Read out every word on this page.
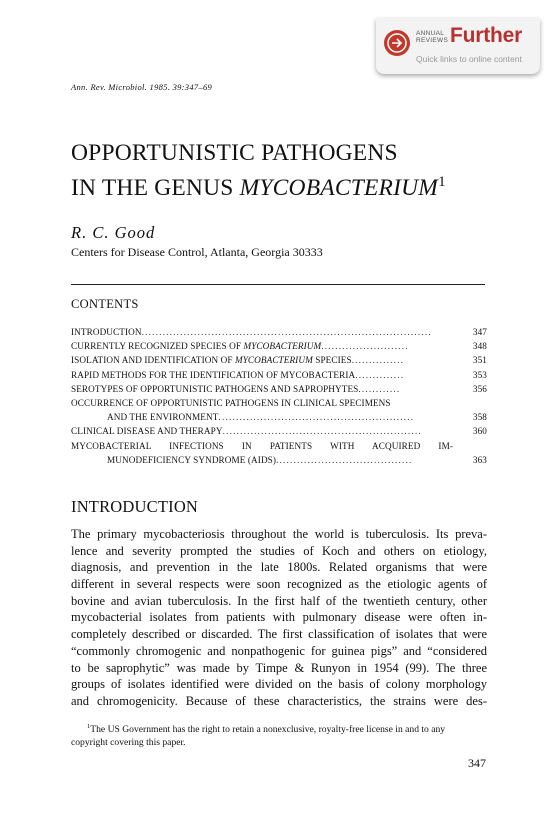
ANNUAL
REVIEWS Further
Quick links to online content
Ann. Rev. Microbiol. 1985. 39:347–69
OPPORTUNISTIC PATHOGENS
IN THE GENUS MYCOBACTERIUM$^1$
R. C. Good
Centers for Disease Control, Atlanta, Georgia 30333
CONTENTS
INTRODUCTION...................................................................................	347
CURRENTLY RECOGNIZED SPECIES OF MYCOBACTERIUM.........................	348
ISOLATION AND IDENTIFICATION OF MYCOBACTERIUM SPECIES...............	351
RAPID METHODS FOR THE IDENTIFICATION OF MYCOBACTERIA..............	353
SEROTYPES OF OPPORTUNISTIC PATHOGENS AND SAPROPHYTES............	356
OCCURRENCE OF OPPORTUNISTIC PATHOGENS IN CLINICAL SPECIMENS
AND THE ENVIRONMENT........................................................	358
CLINICAL DISEASE AND THERAPY.........................................................	360
MYCOBACTERIAL INFECTIONS IN PATIENTS WITH ACQUIRED IM-
MUNODEFICIENCY SYNDROME (AIDS).......................................	363
INTRODUCTION
The primary mycobacteriosis throughout the world is tuberculosis. Its preva-
lence and severity prompted the studies of Koch and others on etiology,
diagnosis, and prevention in the late 1800s. Related organisms that were
different in several respects were soon recognized as the etiologic agents of
bovine and avian tuberculosis. In the first half of the twentieth century, other
mycobacterial isolates from patients with pulmonary disease were often in-
completely described or discarded. The first classification of isolates that were
“commonly chromogenic and nonpathogenic for guinea pigs” and “considered
to be saprophytic” was made by Timpe & Runyon in 1954 (99). The three
groups of isolates identified were divided on the basis of colony morphology
and chromogenicity. Because of these characteristics, the strains were des-
$^1$The US Government has the right to retain a nonexclusive, royalty-free license in and to any
copyright covering this paper.
347
